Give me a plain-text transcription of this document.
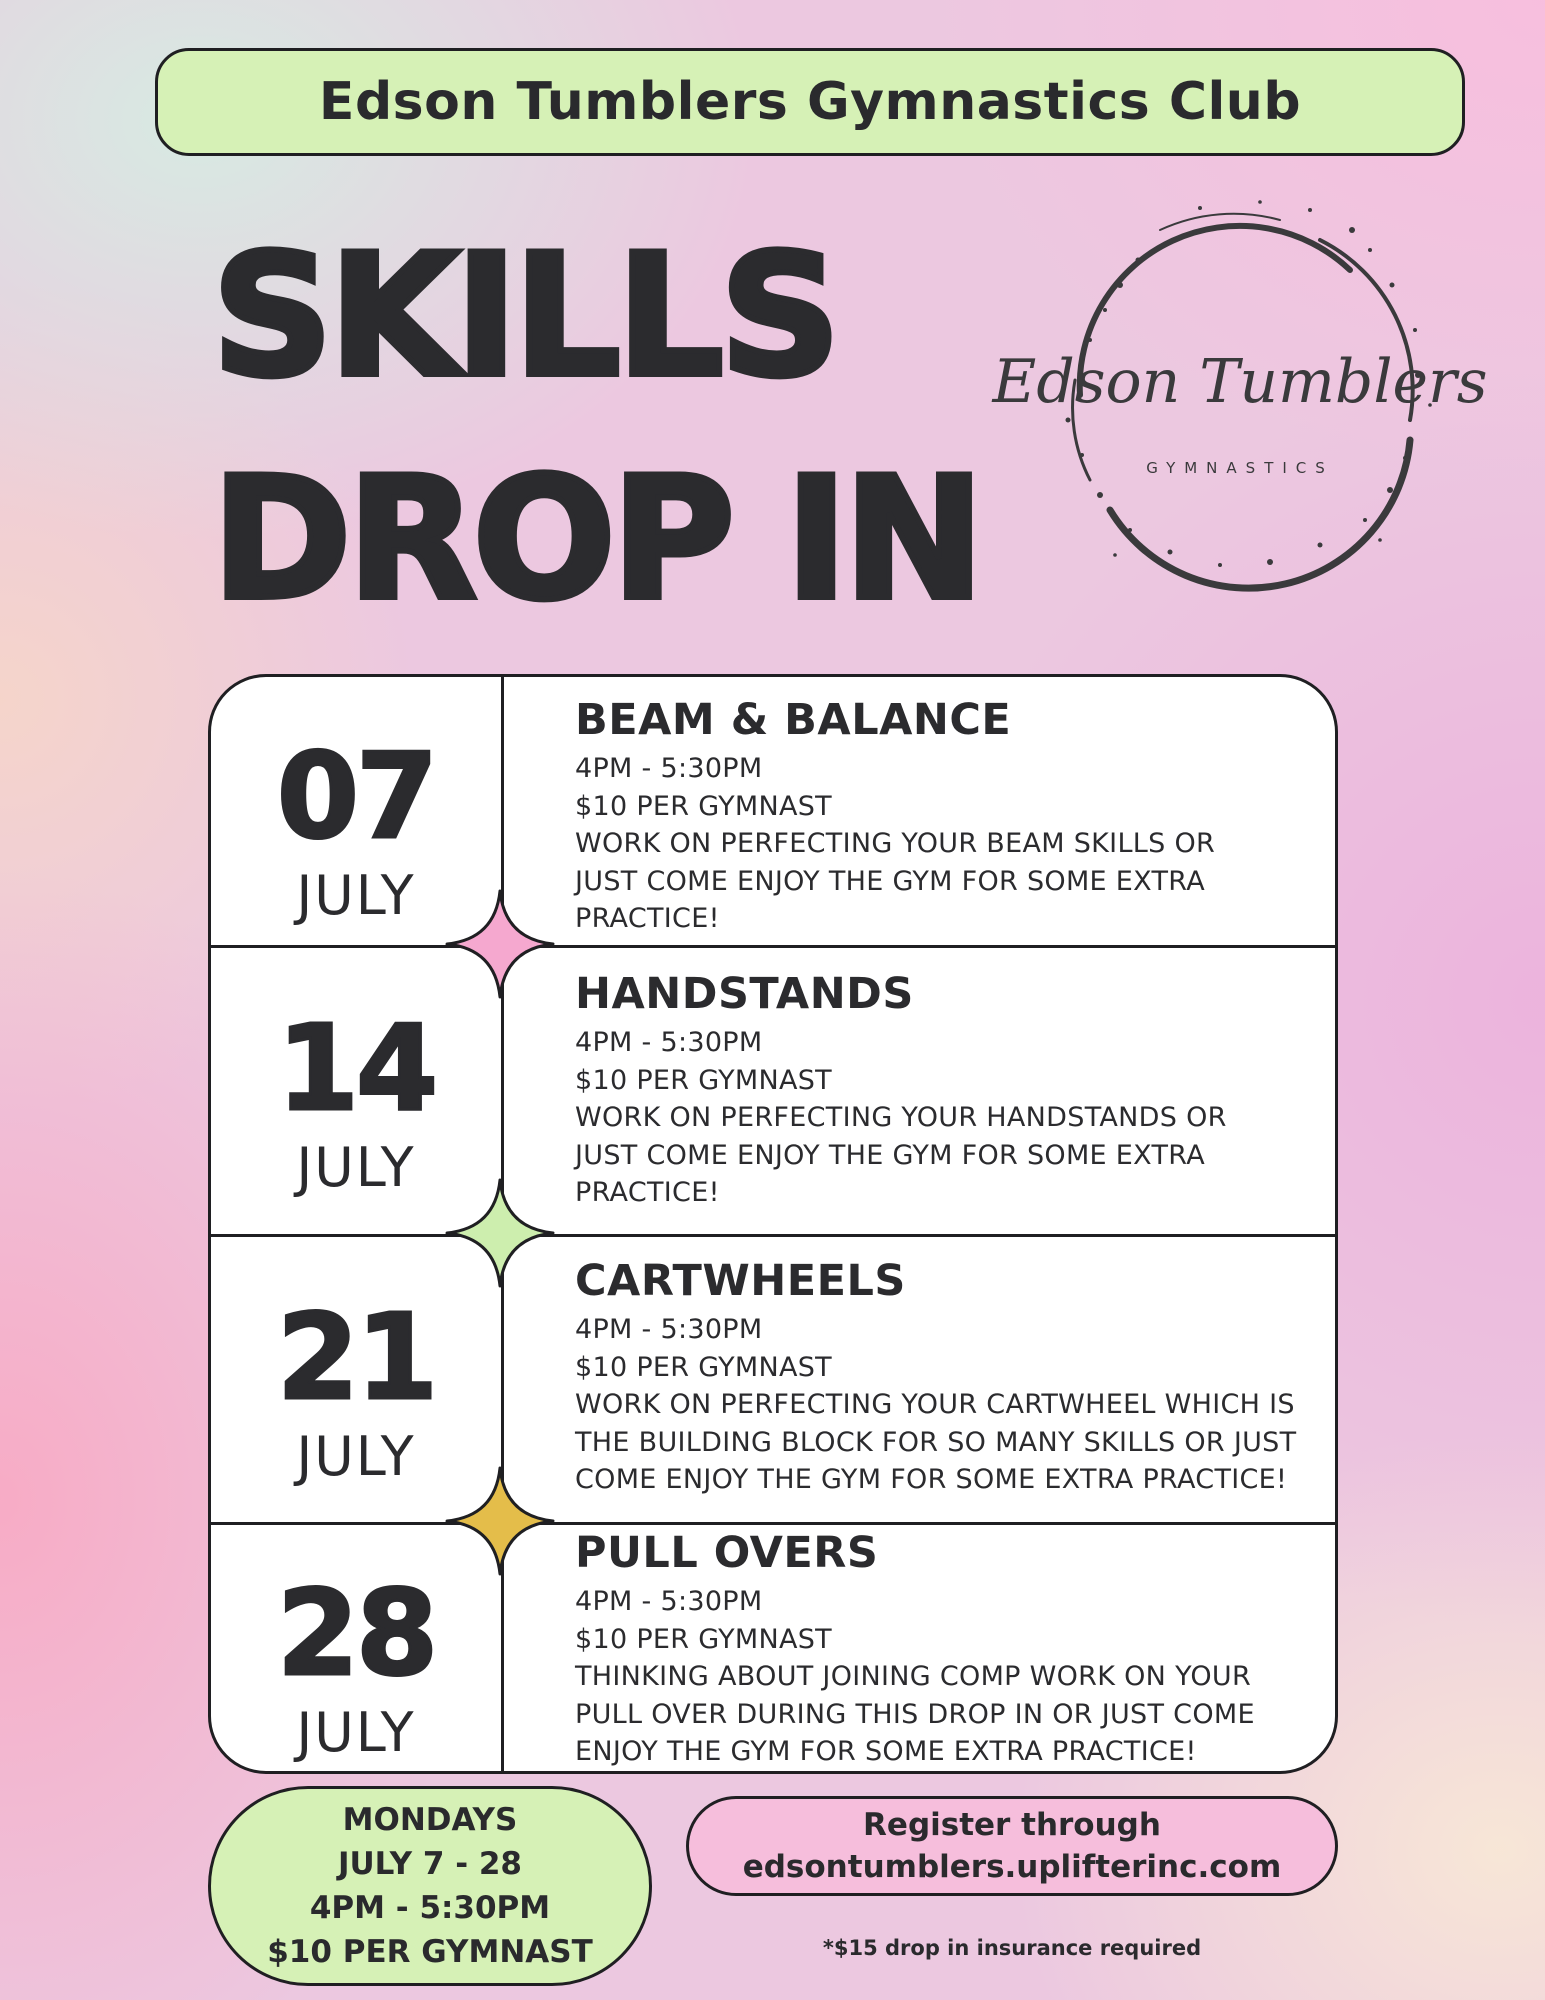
Edson Tumblers Gymnastics Club
SKILLS
DROP IN
Edson Tumblers
GYMNASTICS
07
JULY
BEAM & BALANCE
4PM - 5:30PM
$10 PER GYMNAST
WORK ON PERFECTING YOUR BEAM SKILLS OR
JUST COME ENJOY THE GYM FOR SOME EXTRA
PRACTICE!
14
JULY
HANDSTANDS
4PM - 5:30PM
$10 PER GYMNAST
WORK ON PERFECTING YOUR HANDSTANDS OR
JUST COME ENJOY THE GYM FOR SOME EXTRA
PRACTICE!
21
JULY
CARTWHEELS
4PM - 5:30PM
$10 PER GYMNAST
WORK ON PERFECTING YOUR CARTWHEEL WHICH IS
THE BUILDING BLOCK FOR SO MANY SKILLS OR JUST
COME ENJOY THE GYM FOR SOME EXTRA PRACTICE!
28
JULY
PULL OVERS
4PM - 5:30PM
$10 PER GYMNAST
THINKING ABOUT JOINING COMP WORK ON YOUR
PULL OVER DURING THIS DROP IN OR JUST COME
ENJOY THE GYM FOR SOME EXTRA PRACTICE!
MONDAYS
JULY 7 - 28
4PM - 5:30PM
$10 PER GYMNAST
Register through
edsontumblers.uplifterinc.com
*$15 drop in insurance required
